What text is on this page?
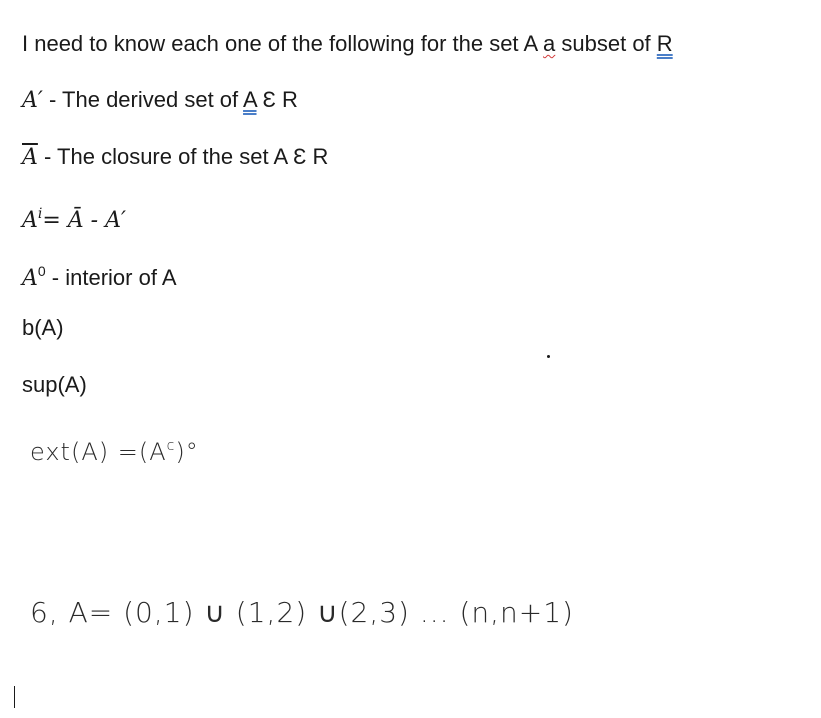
I need to know each one of the following for the set A a subset of R
A′ - The derived set of A Ɛ R
$\overline{A}$ - The closure of the set A Ɛ R
$A^i=$ Ā - A′
$A^0$ - interior of A
b(A)
sup(A)
$ext(A) =(A^c)^\circ$
6, A= (0,1) ∪ (1,2) ∪(2,3) ... (n,n+1)
